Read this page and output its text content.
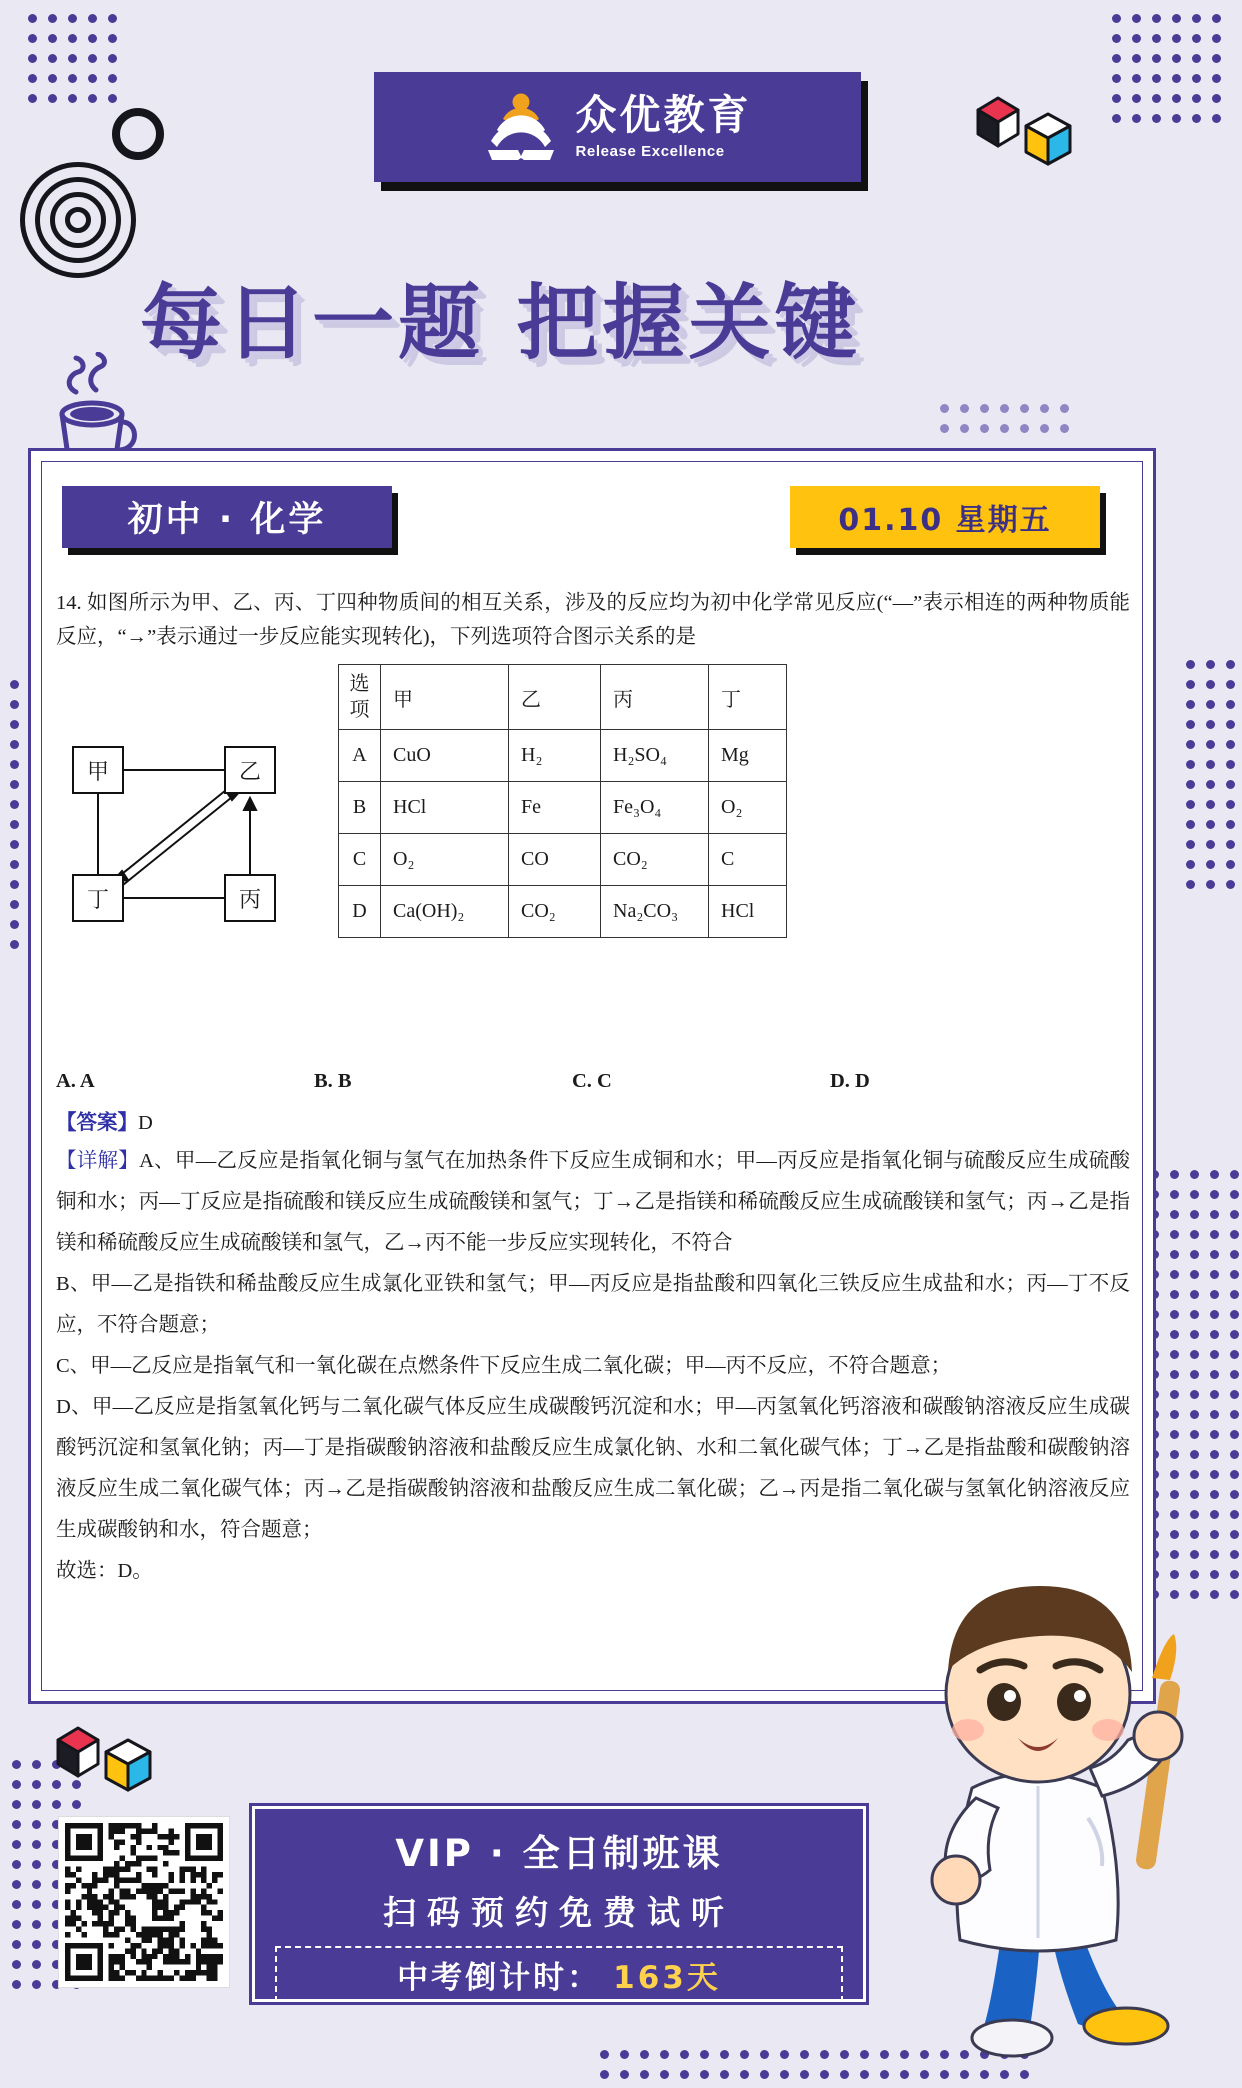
众优教育
Release Excellence
每日一题 把握关键
初中 · 化学	01.10 星期五
14. 如图所示为甲、乙、丙、丁四种物质间的相互关系，涉及的反应均为初中化学常见反应(“—”表示相连的两种物质能反应，“→”表示通过一步反应能实现转化)，下列选项符合图示关系的是
甲	乙
丁	丙
选项	甲	乙	丙	丁
A	CuO	H₂	H₂SO₄	Mg
B	HCl	Fe	Fe₃O₄	O₂
C	O₂	CO	CO₂	C
D	Ca(OH)₂	CO₂	Na₂CO₃	HCl
A. A	B. B	C. C	D. D
【答案】D
【详解】A、甲—乙反应是指氧化铜与氢气在加热条件下反应生成铜和水；甲—丙反应是指氧化铜与硫酸反应生成硫酸铜和水；丙—丁反应是指硫酸和镁反应生成硫酸镁和氢气；丁→乙是指镁和稀硫酸反应生成硫酸镁和氢气；丙→乙是指镁和稀硫酸反应生成硫酸镁和氢气，乙→丙不能一步反应实现转化，不符合
B、甲—乙是指铁和稀盐酸反应生成氯化亚铁和氢气；甲—丙反应是指盐酸和四氧化三铁反应生成盐和水；丙—丁不反应，不符合题意；
C、甲—乙反应是指氧气和一氧化碳在点燃条件下反应生成二氧化碳；甲—丙不反应，不符合题意；
D、甲—乙反应是指氢氧化钙与二氧化碳气体反应生成碳酸钙沉淀和水；甲—丙氢氧化钙溶液和碳酸钠溶液反应生成碳酸钙沉淀和氢氧化钠；丙—丁是指碳酸钠溶液和盐酸反应生成氯化钠、水和二氧化碳气体；丁→乙是指盐酸和碳酸钠溶液反应生成二氧化碳气体；丙→乙是指碳酸钠溶液和盐酸反应生成二氧化碳；乙→丙是指二氧化碳与氢氧化钠溶液反应生成碳酸钠和水，符合题意；
故选：D。
VIP · 全日制班课
扫码预约免费试听
中考倒计时： 163天
